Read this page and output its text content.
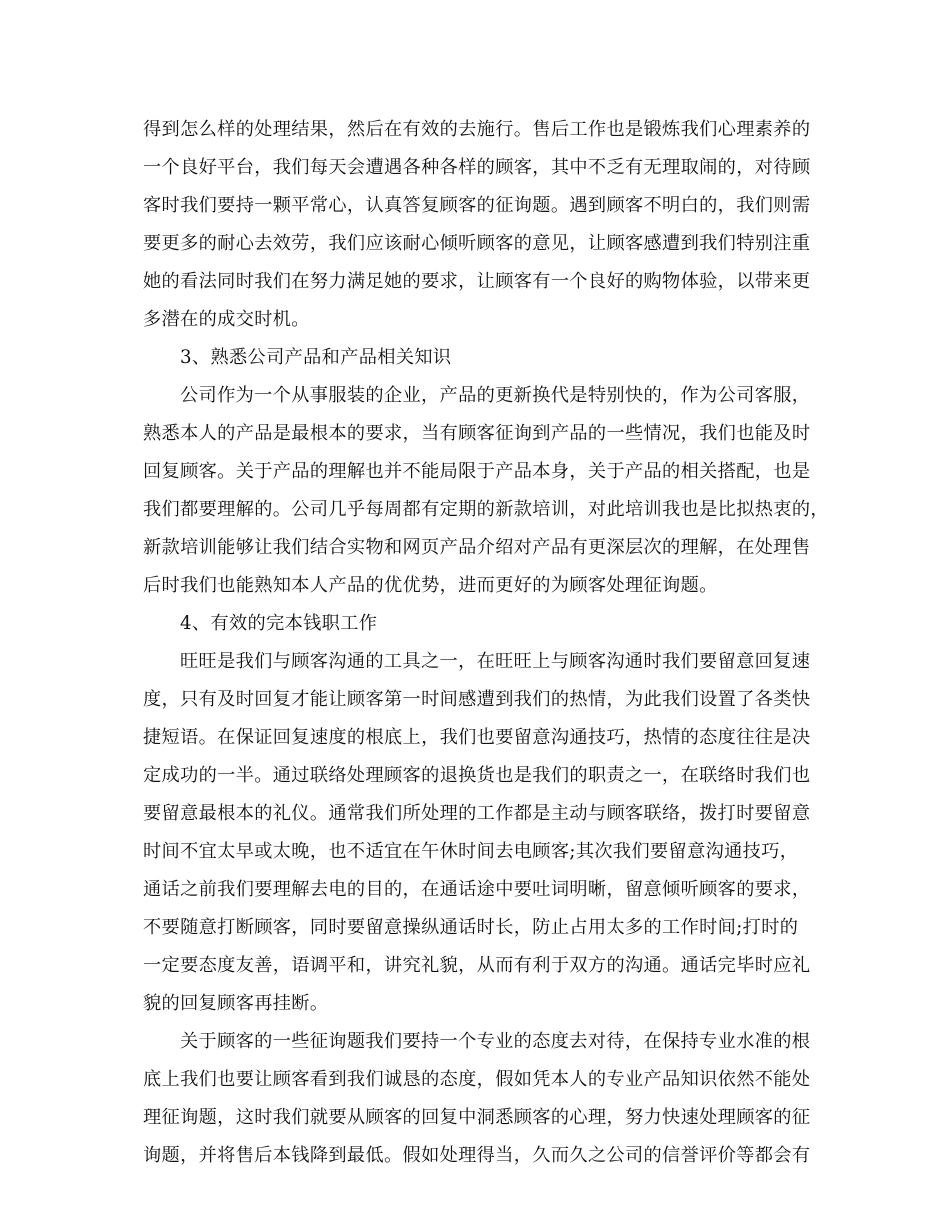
得到怎么样的处理结果，然后在有效的去施行。售后工作也是锻炼我们心理素养的
一个良好平台，我们每天会遭遇各种各样的顾客，其中不乏有无理取闹的，对待顾
客时我们要持一颗平常心，认真答复顾客的征询题。遇到顾客不明白的，我们则需
要更多的耐心去效劳，我们应该耐心倾听顾客的意见，让顾客感遭到我们特别注重
她的看法同时我们在努力满足她的要求，让顾客有一个良好的购物体验，以带来更
多潜在的成交时机。
3、熟悉公司产品和产品相关知识
公司作为一个从事服装的企业，产品的更新换代是特别快的，作为公司客服，
熟悉本人的产品是最根本的要求，当有顾客征询到产品的一些情况，我们也能及时
回复顾客。关于产品的理解也并不能局限于产品本身，关于产品的相关搭配，也是
我们都要理解的。公司几乎每周都有定期的新款培训，对此培训我也是比拟热衷的，
新款培训能够让我们结合实物和网页产品介绍对产品有更深层次的理解，在处理售
后时我们也能熟知本人产品的优优势，进而更好的为顾客处理征询题。
4、有效的完本钱职工作
旺旺是我们与顾客沟通的工具之一，在旺旺上与顾客沟通时我们要留意回复速
度，只有及时回复才能让顾客第一时间感遭到我们的热情，为此我们设置了各类快
捷短语。在保证回复速度的根底上，我们也要留意沟通技巧，热情的态度往往是决
定成功的一半。通过联络处理顾客的退换货也是我们的职责之一，在联络时我们也
要留意最根本的礼仪。通常我们所处理的工作都是主动与顾客联络，拨打时要留意
时间不宜太早或太晚，也不适宜在午休时间去电顾客;其次我们要留意沟通技巧，
通话之前我们要理解去电的目的，在通话途中要吐词明晰，留意倾听顾客的要求，
不要随意打断顾客，同时要留意操纵通话时长，防止占用太多的工作时间;打时的
一定要态度友善，语调平和，讲究礼貌，从而有利于双方的沟通。通话完毕时应礼
貌的回复顾客再挂断。
关于顾客的一些征询题我们要持一个专业的态度去对待，在保持专业水准的根
底上我们也要让顾客看到我们诚恳的态度，假如凭本人的专业产品知识依然不能处
理征询题，这时我们就要从顾客的回复中洞悉顾客的心理，努力快速处理顾客的征
询题，并将售后本钱降到最低。假如处理得当，久而久之公司的信誉评价等都会有
